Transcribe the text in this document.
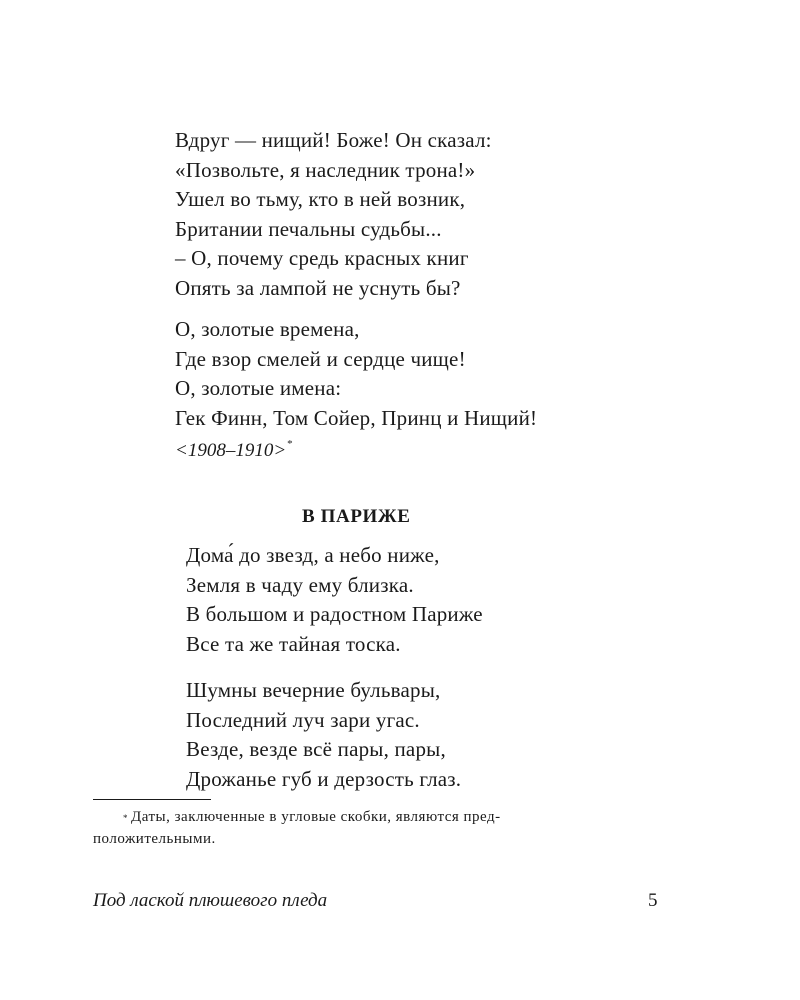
Вдруг — нищий! Боже! Он сказал:
«Позвольте, я наследник трона!»
Ушел во тьму, кто в ней возник,
Британии печальны судьбы...
– О, почему средь красных книг
Опять за лампой не уснуть бы?
О, золотые времена,
Где взор смелей и сердце чище!
О, золотые имена:
Гек Финн, Том Сойер, Принц и Нищий!
<1908–1910>*
В ПАРИЖЕ
Дома́ до звезд, а небо ниже,
Земля в чаду ему близка.
В большом и радостном Париже
Все та же тайная тоска.
Шумны вечерние бульвары,
Последний луч зари угас.
Везде, везде всё пары, пары,
Дрожанье губ и дерзость глаз.
* Даты, заключенные в угловые скобки, являются пред-
положительными.
Под лаской плюшевого пледа	5
